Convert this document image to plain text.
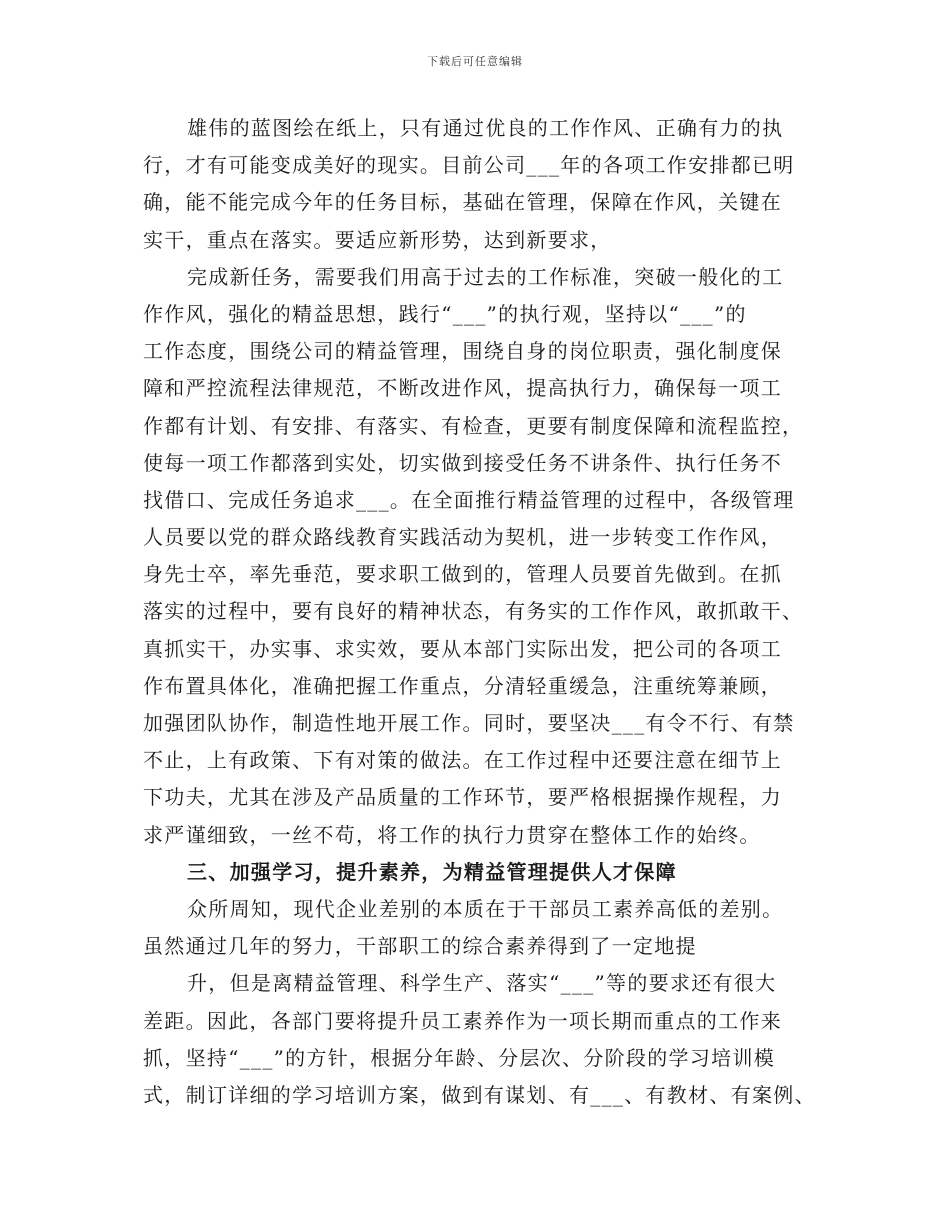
下载后可任意编辑
雄伟的蓝图绘在纸上，只有通过优良的工作作风、正确有力的执
行，才有可能变成美好的现实。目前公司___年的各项工作安排都已明
确，能不能完成今年的任务目标，基础在管理，保障在作风，关键在
实干，重点在落实。要适应新形势，达到新要求，
完成新任务，需要我们用高于过去的工作标准，突破一般化的工
作作风，强化的精益思想，践行“___”的执行观，坚持以“___”的
工作态度，围绕公司的精益管理，围绕自身的岗位职责，强化制度保
障和严控流程法律规范，不断改进作风，提高执行力，确保每一项工
作都有计划、有安排、有落实、有检查，更要有制度保障和流程监控，
使每一项工作都落到实处，切实做到接受任务不讲条件、执行任务不
找借口、完成任务追求___。在全面推行精益管理的过程中，各级管理
人员要以党的群众路线教育实践活动为契机，进一步转变工作作风，
身先士卒，率先垂范，要求职工做到的，管理人员要首先做到。在抓
落实的过程中，要有良好的精神状态，有务实的工作作风，敢抓敢干、
真抓实干，办实事、求实效，要从本部门实际出发，把公司的各项工
作布置具体化，准确把握工作重点，分清轻重缓急，注重统筹兼顾，
加强团队协作，制造性地开展工作。同时，要坚决___有令不行、有禁
不止，上有政策、下有对策的做法。在工作过程中还要注意在细节上
下功夫，尤其在涉及产品质量的工作环节，要严格根据操作规程，力
求严谨细致，一丝不苟，将工作的执行力贯穿在整体工作的始终。
三、加强学习，提升素养，为精益管理提供人才保障
众所周知，现代企业差别的本质在于干部员工素养高低的差别。
虽然通过几年的努力，干部职工的综合素养得到了一定地提
升，但是离精益管理、科学生产、落实“___”等的要求还有很大
差距。因此，各部门要将提升员工素养作为一项长期而重点的工作来
抓，坚持“___”的方针，根据分年龄、分层次、分阶段的学习培训模
式，制订详细的学习培训方案，做到有谋划、有___、有教材、有案例、
